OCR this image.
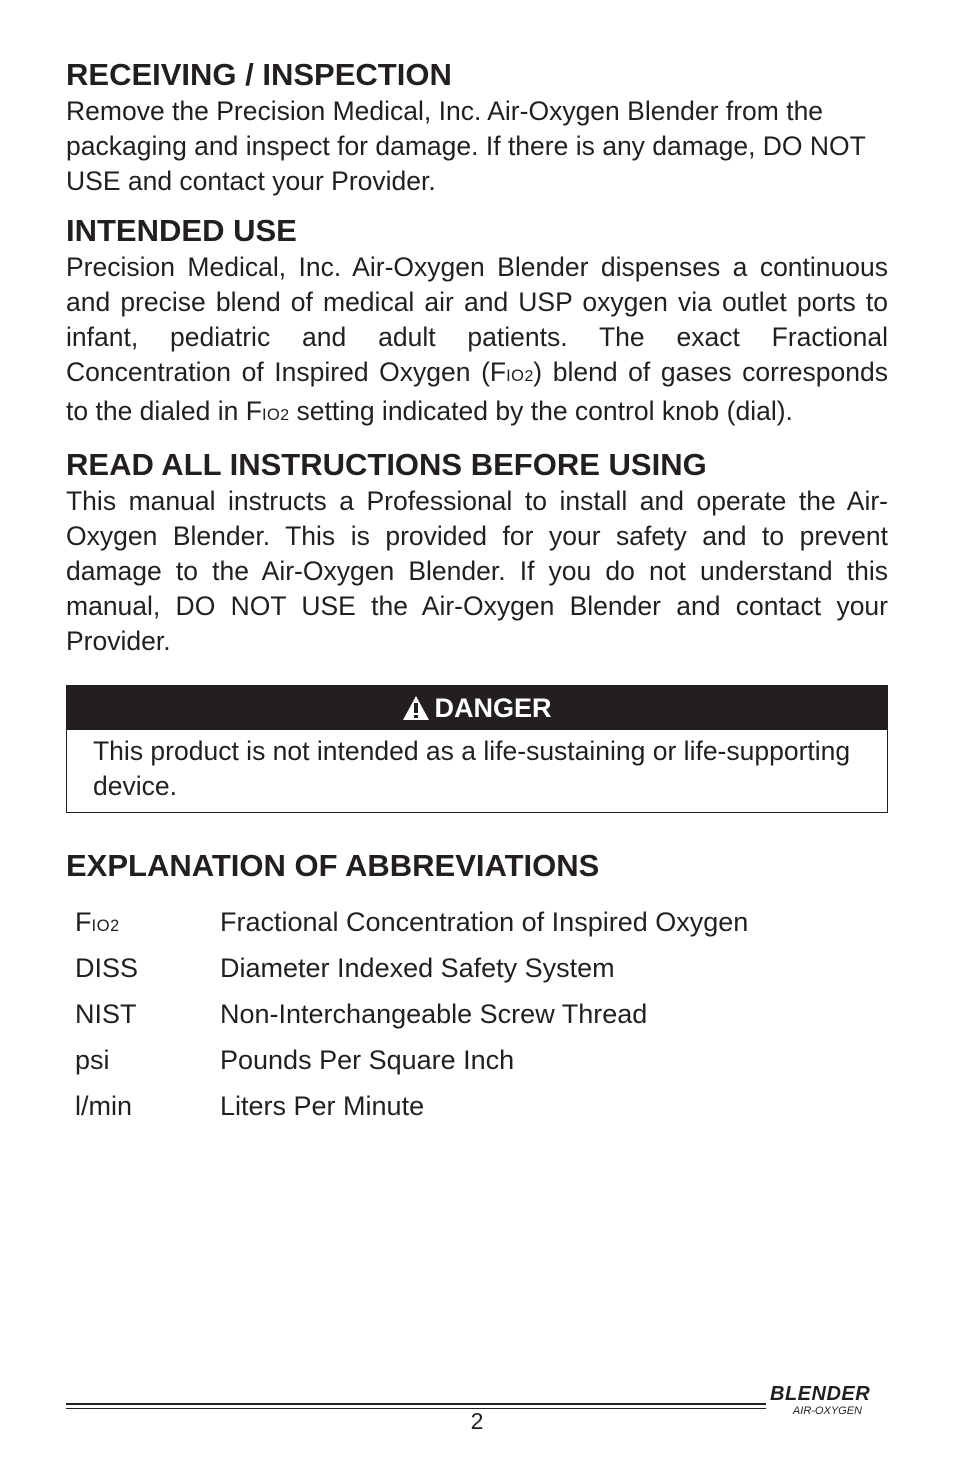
RECEIVING / INSPECTION

Remove the Precision Medical, Inc. Air-Oxygen Blender from the packaging and inspect for damage. If there is any damage, DO NOT USE and contact your Provider.

INTENDED USE

Precision Medical, Inc. Air-Oxygen Blender dispenses a continuous and precise blend of medical air and USP oxygen via outlet ports to infant, pediatric and adult patients. The exact Fractional Concentration of Inspired Oxygen (FIO2) blend of gases corresponds to the dialed in FIO2 setting indicated by the control knob (dial).

READ ALL INSTRUCTIONS BEFORE USING

This manual instructs a Professional to install and operate the Air-Oxygen Blender. This is provided for your safety and to prevent damage to the Air-Oxygen Blender. If you do not understand this manual, DO NOT USE the Air-Oxygen Blender and contact your Provider.

DANGER
This product is not intended as a life-sustaining or life-supporting device.
EXPLANATION OF ABBREVIATIONS
FIO2	Fractional Concentration of Inspired Oxygen
DISS	Diameter Indexed Safety System
NIST	Non-Interchangeable Screw Thread
psi	Pounds Per Square Inch
l/min	Liters Per Minute
2
BLENDER
AIR-OXYGEN
